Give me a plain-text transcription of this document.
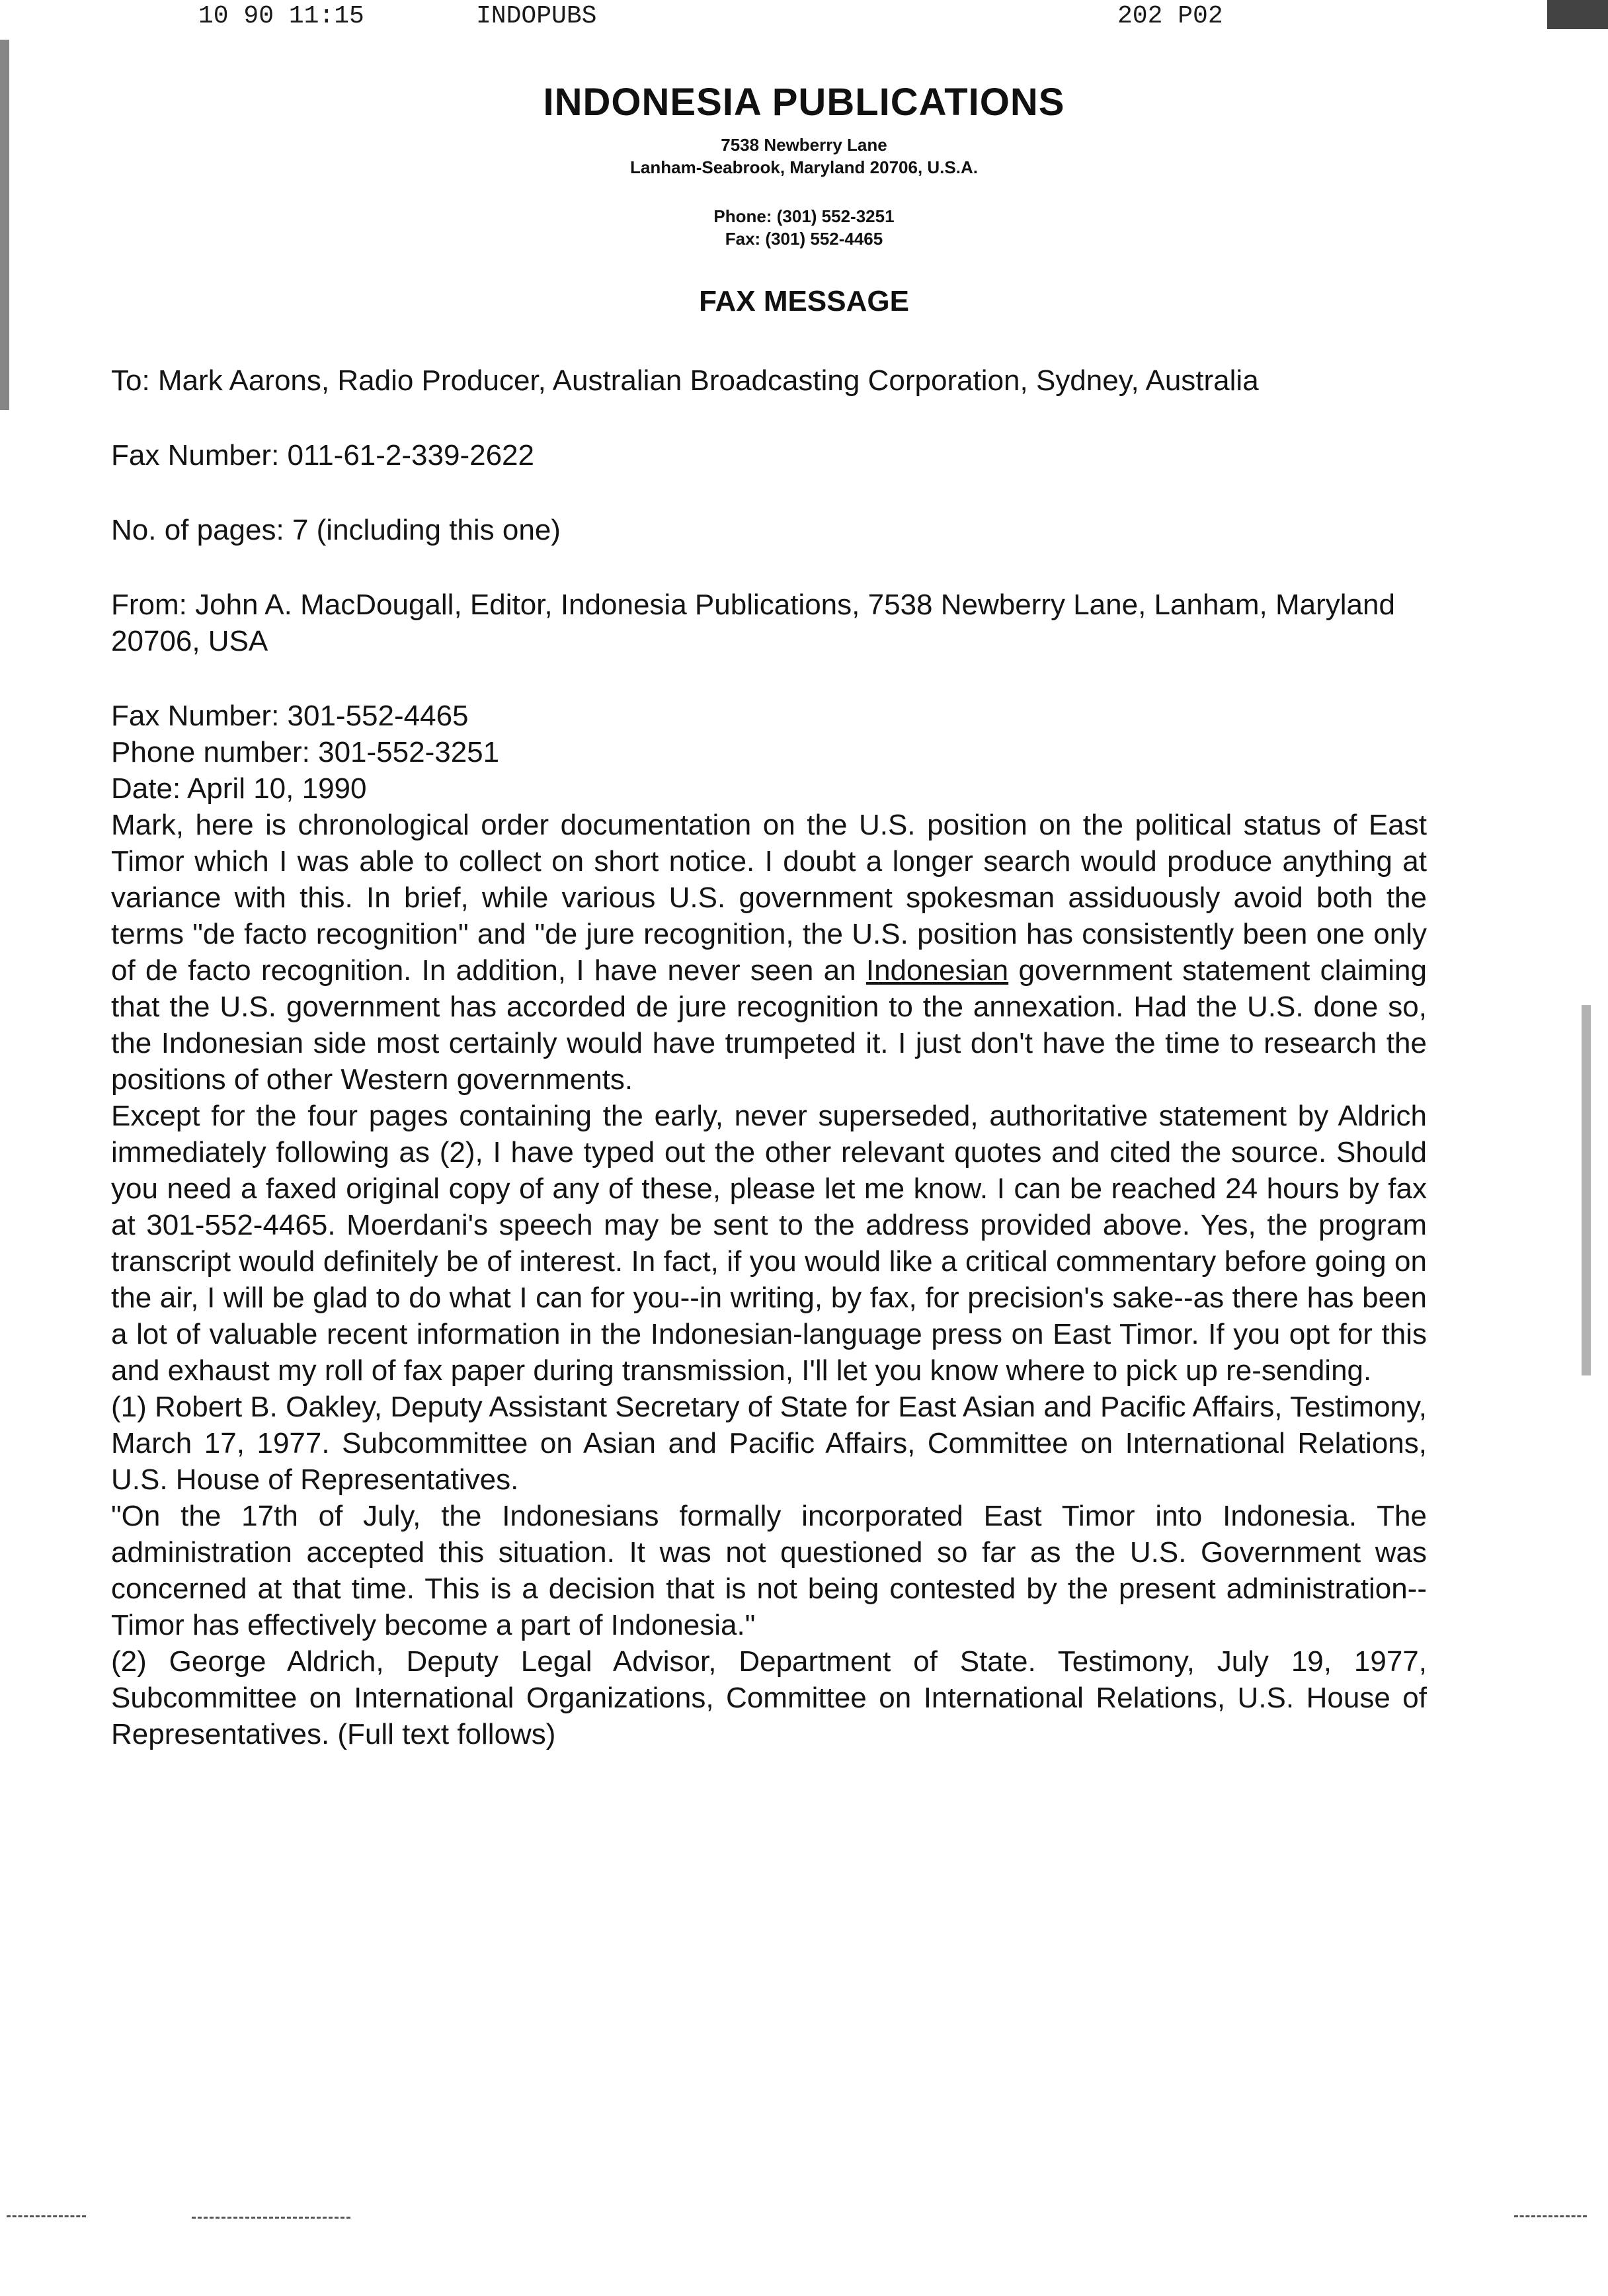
10 90 11:15	INDOPUBS	202 P02
INDONESIA PUBLICATIONS
7538 Newberry Lane
Lanham-Seabrook, Maryland 20706, U.S.A.
Phone: (301) 552-3251
Fax: (301) 552-4465
FAX MESSAGE

To: Mark Aarons, Radio Producer, Australian Broadcasting Corporation, Sydney, Australia

Fax Number: 011-61-2-339-2622

No. of pages: 7 (including this one)

From: John A. MacDougall, Editor, Indonesia Publications, 7538 Newberry Lane, Lanham, Maryland 20706, USA

Fax Number: 301-552-4465

Phone number: 301-552-3251

Date: April 10, 1990

Mark, here is chronological order documentation on the U.S. position on the political status of East Timor which I was able to collect on short notice. I doubt a longer search would produce anything at variance with this. In brief, while various U.S. government spokesman assiduously avoid both the terms "de facto recognition" and "de jure recognition, the U.S. position has consistently been one only of de facto recognition. In addition, I have never seen an Indonesian government statement claiming that the U.S. government has accorded de jure recognition to the annexation. Had the U.S. done so, the Indonesian side most certainly would have trumpeted it. I just don't have the time to research the positions of other Western governments.

Except for the four pages containing the early, never superseded, authoritative statement by Aldrich immediately following as (2), I have typed out the other relevant quotes and cited the source. Should you need a faxed original copy of any of these, please let me know. I can be reached 24 hours by fax at 301-552-4465. Moerdani's speech may be sent to the address provided above. Yes, the program transcript would definitely be of interest. In fact, if you would like a critical commentary before going on the air, I will be glad to do what I can for you--in writing, by fax, for precision's sake--as there has been a lot of valuable recent information in the Indonesian-language press on East Timor. If you opt for this and exhaust my roll of fax paper during transmission, I'll let you know where to pick up re-sending.

(1) Robert B. Oakley, Deputy Assistant Secretary of State for East Asian and Pacific Affairs, Testimony, March 17, 1977. Subcommittee on Asian and Pacific Affairs, Committee on International Relations, U.S. House of Representatives.

"On the 17th of July, the Indonesians formally incorporated East Timor into Indonesia. The administration accepted this situation. It was not questioned so far as the U.S. Government was concerned at that time. This is a decision that is not being contested by the present administration--Timor has effectively become a part of Indonesia."

(2) George Aldrich, Deputy Legal Advisor, Department of State. Testimony, July 19, 1977, Subcommittee on International Organizations, Committee on International Relations, U.S. House of Representatives. (Full text follows)
